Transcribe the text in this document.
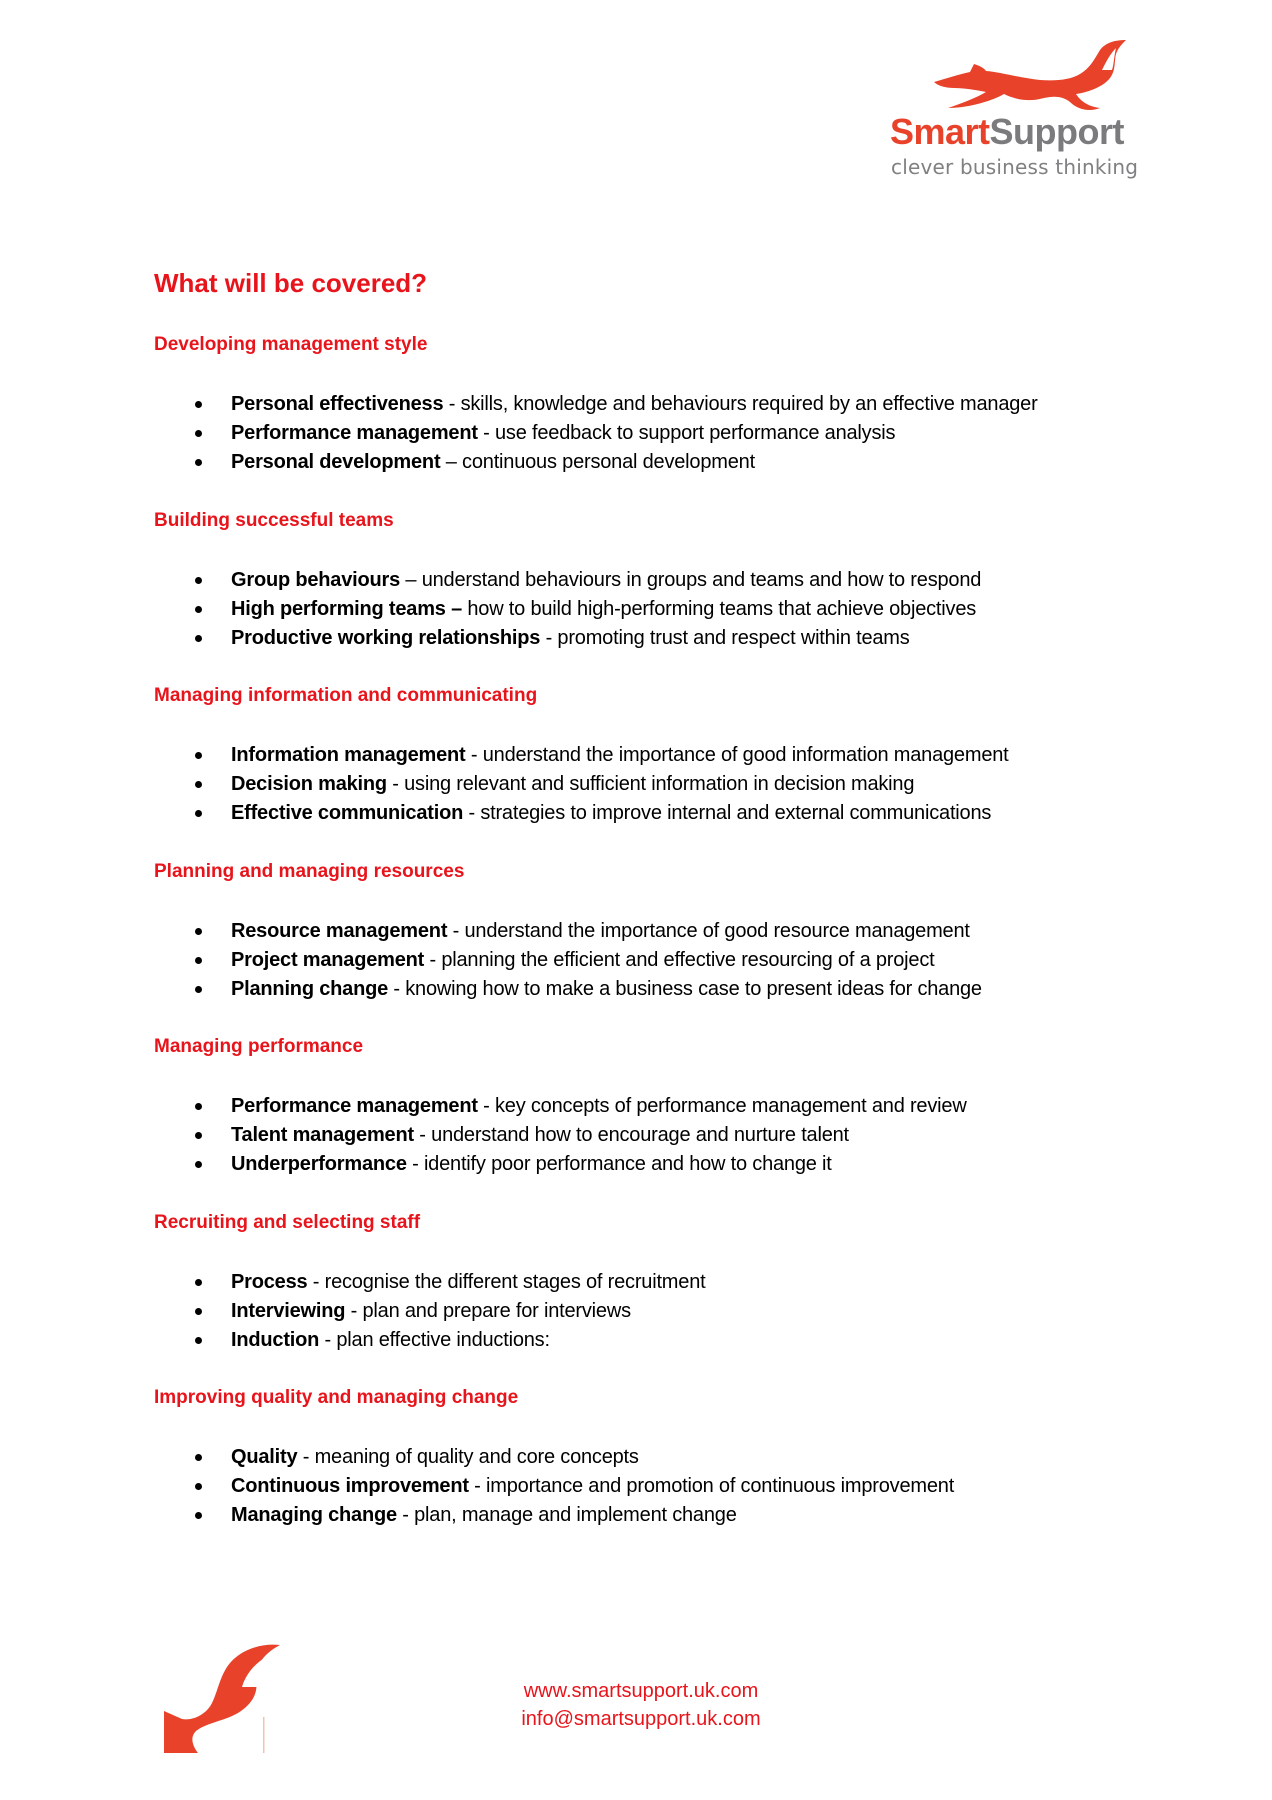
SmartSupport
clever business thinking
What will be covered?
Developing management style
Personal effectiveness - skills, knowledge and behaviours required by an effective manager
Performance management - use feedback to support performance analysis
Personal development – continuous personal development
Building successful teams
Group behaviours – understand behaviours in groups and teams and how to respond
High performing teams – how to build high-performing teams that achieve objectives
Productive working relationships - promoting trust and respect within teams
Managing information and communicating
Information management - understand the importance of good information management
Decision making - using relevant and sufficient information in decision making
Effective communication - strategies to improve internal and external communications
Planning and managing resources
Resource management - understand the importance of good resource management
Project management - planning the efficient and effective resourcing of a project
Planning change - knowing how to make a business case to present ideas for change
Managing performance
Performance management - key concepts of performance management and review
Talent management - understand how to encourage and nurture talent
Underperformance - identify poor performance and how to change it
Recruiting and selecting staff
Process - recognise the different stages of recruitment
Interviewing - plan and prepare for interviews
Induction - plan effective inductions:
Improving quality and managing change
Quality - meaning of quality and core concepts
Continuous improvement - importance and promotion of continuous improvement
Managing change - plan, manage and implement change
www.smartsupport.uk.com
info@smartsupport.uk.com
